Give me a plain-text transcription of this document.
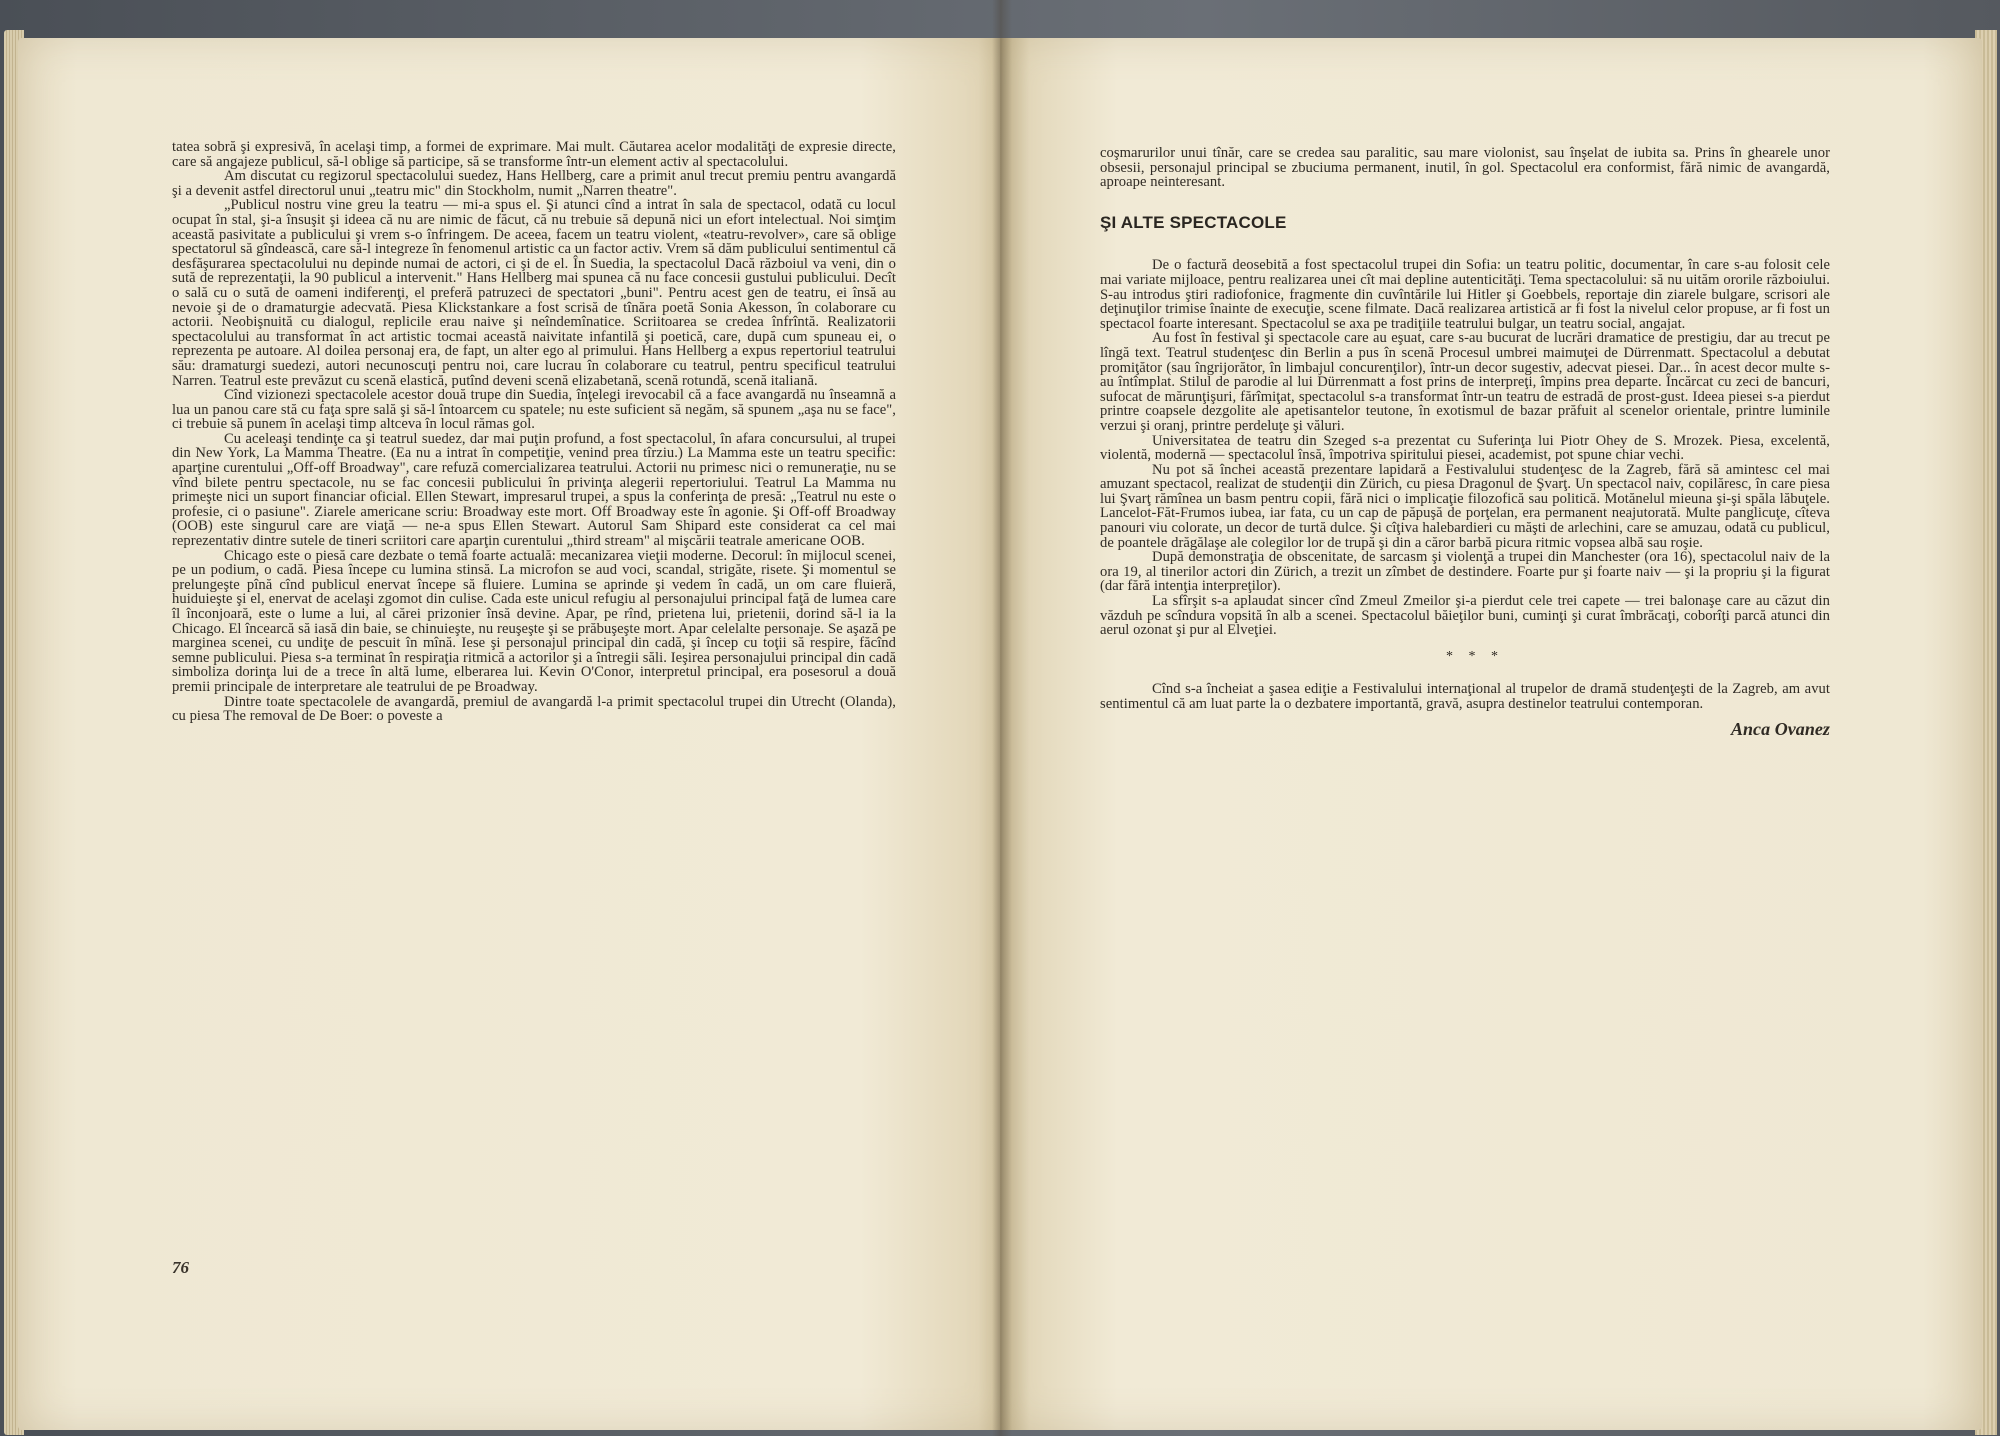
tatea sobră şi expresivă, în acelaşi timp, a formei de exprimare. Mai mult. Căutarea acelor modalităţi de expresie directe, care să angajeze publicul, să-l oblige să participe, să se transforme într-un element activ al spectacolului.

Am discutat cu regizorul spectacolului suedez, Hans Hellberg, care a primit anul trecut premiu pentru avangardă şi a devenit astfel directorul unui „teatru mic" din Stockholm, numit „Narren theatre".

„Publicul nostru vine greu la teatru — mi-a spus el. Şi atunci cînd a intrat în sala de spectacol, odată cu locul ocupat în stal, şi-a însuşit şi ideea că nu are nimic de făcut, că nu trebuie să depună nici un efort intelectual. Noi simţim această pasivitate a publicului şi vrem s-o înfringem. De aceea, facem un teatru violent, «teatru-revolver», care să oblige spectatorul să gîndească, care să-l integreze în fenomenul artistic ca un factor activ. Vrem să dăm publicului sentimentul că desfăşurarea spectacolului nu depinde numai de actori, ci şi de el. În Suedia, la spectacolul Dacă războiul va veni, din o sută de reprezentaţii, la 90 publicul a intervenit." Hans Hellberg mai spunea că nu face concesii gustului publicului. Decît o sală cu o sută de oameni indiferenţi, el preferă patruzeci de spectatori „buni". Pentru acest gen de teatru, ei însă au nevoie şi de o dramaturgie adecvată. Piesa Klickstankare a fost scrisă de tînăra poetă Sonia Akesson, în colaborare cu actorii. Neobişnuită cu dialogul, replicile erau naive şi neîndemînatice. Scriitoarea se credea înfrîntă. Realizatorii spectacolului au transformat în act artistic tocmai această naivitate infantilă şi poetică, care, după cum spuneau ei, o reprezenta pe autoare. Al doilea personaj era, de fapt, un alter ego al primului. Hans Hellberg a expus repertoriul teatrului său: dramaturgi suedezi, autori necunoscuţi pentru noi, care lucrau în colaborare cu teatrul, pentru specificul teatrului Narren. Teatrul este prevăzut cu scenă elastică, putînd deveni scenă elizabetană, scenă rotundă, scenă italiană.

Cînd vizionezi spectacolele acestor două trupe din Suedia, înţelegi irevocabil că a face avangardă nu înseamnă a lua un panou care stă cu faţa spre sală şi să-l întoarcem cu spatele; nu este suficient să negăm, să spunem „aşa nu se face", ci trebuie să punem în acelaşi timp altceva în locul rămas gol.

Cu aceleaşi tendinţe ca şi teatrul suedez, dar mai puţin profund, a fost spectacolul, în afara concursului, al trupei din New York, La Mamma Theatre. (Ea nu a intrat în competiţie, venind prea tîrziu.) La Mamma este un teatru specific: aparţine curentului „Off-off Broadway", care refuză comercializarea teatrului. Actorii nu primesc nici o remuneraţie, nu se vînd bilete pentru spectacole, nu se fac concesii publicului în privinţa alegerii repertoriului. Teatrul La Mamma nu primeşte nici un suport financiar oficial. Ellen Stewart, impresarul trupei, a spus la conferinţa de presă: „Teatrul nu este o profesie, ci o pasiune". Ziarele americane scriu: Broadway este mort. Off Broadway este în agonie. Şi Off-off Broadway (OOB) este singurul care are viaţă — ne-a spus Ellen Stewart. Autorul Sam Shipard este considerat ca cel mai reprezentativ dintre sutele de tineri scriitori care aparţin curentului „third stream" al mişcării teatrale americane OOB.

Chicago este o piesă care dezbate o temă foarte actuală: mecanizarea vieţii moderne. Decorul: în mijlocul scenei, pe un podium, o cadă. Piesa începe cu lumina stinsă. La microfon se aud voci, scandal, strigăte, risete. Şi momentul se prelungeşte pînă cînd publicul enervat începe să fluiere. Lumina se aprinde şi vedem în cadă, un om care fluieră, huiduieşte şi el, enervat de acelaşi zgomot din culise. Cada este unicul refugiu al personajului principal faţă de lumea care îl înconjoară, este o lume a lui, al cărei prizonier însă devine. Apar, pe rînd, prietena lui, prietenii, dorind să-l ia la Chicago. El încearcă să iasă din baie, se chinuieşte, nu reuşeşte şi se prăbuşeşte mort. Apar celelalte personaje. Se aşază pe marginea scenei, cu undiţe de pescuit în mînă. Iese şi personajul principal din cadă, şi încep cu toţii să respire, făcînd semne publicului. Piesa s-a terminat în respiraţia ritmică a actorilor şi a întregii săli. Ieşirea personajului principal din cadă simboliza dorinţa lui de a trece în altă lume, elberarea lui. Kevin O'Conor, interpretul principal, era posesorul a două premii principale de interpretare ale teatrului de pe Broadway.

Dintre toate spectacolele de avangardă, premiul de avangardă l-a primit spectacolul trupei din Utrecht (Olanda), cu piesa The removal de De Boer: o poveste a

76

coşmarurilor unui tînăr, care se credea sau paralitic, sau mare violonist, sau înşelat de iubita sa. Prins în ghearele unor obsesii, personajul principal se zbuciuma permanent, inutil, în gol. Spectacolul era conformist, fără nimic de avangardă, aproape neinteresant.

ŞI ALTE SPECTACOLE

De o factură deosebită a fost spectacolul trupei din Sofia: un teatru politic, documentar, în care s-au folosit cele mai variate mijloace, pentru realizarea unei cît mai depline autenticităţi. Tema spectacolului: să nu uităm ororile războiului. S-au introdus ştiri radiofonice, fragmente din cuvîntările lui Hitler şi Goebbels, reportaje din ziarele bulgare, scrisori ale deţinuţilor trimise înainte de execuţie, scene filmate. Dacă realizarea artistică ar fi fost la nivelul celor propuse, ar fi fost un spectacol foarte interesant. Spectacolul se axa pe tradiţiile teatrului bulgar, un teatru social, angajat.

Au fost în festival şi spectacole care au eşuat, care s-au bucurat de lucrări dramatice de prestigiu, dar au trecut pe lîngă text. Teatrul studenţesc din Berlin a pus în scenă Procesul umbrei maimuţei de Dürrenmatt. Spectacolul a debutat promiţător (sau îngrijorător, în limbajul concurenţilor), într-un decor sugestiv, adecvat piesei. Dar... în acest decor multe s-au întîmplat. Stilul de parodie al lui Dürrenmatt a fost prins de interpreţi, împins prea departe. Încărcat cu zeci de bancuri, sufocat de mărunţişuri, fărîmiţat, spectacolul s-a transformat într-un teatru de estradă de prost-gust. Ideea piesei s-a pierdut printre coapsele dezgolite ale apetisantelor teutone, în exotismul de bazar prăfuit al scenelor orientale, printre luminile verzui şi oranj, printre perdeluţe şi văluri.

Universitatea de teatru din Szeged s-a prezentat cu Suferinţa lui Piotr Ohey de S. Mrozek. Piesa, excelentă, violentă, modernă — spectacolul însă, împotriva spiritului piesei, academist, pot spune chiar vechi.

Nu pot să închei această prezentare lapidară a Festivalului studenţesc de la Zagreb, fără să amintesc cel mai amuzant spectacol, realizat de studenţii din Zürich, cu piesa Dragonul de Şvarţ. Un spectacol naiv, copilăresc, în care piesa lui Şvarţ rămînea un basm pentru copii, fără nici o implicaţie filozofică sau politică. Motănelul mieuna şi-şi spăla lăbuţele. Lancelot-Făt-Frumos iubea, iar fata, cu un cap de păpuşă de porţelan, era permanent neajutorată. Multe panglicuţe, cîteva panouri viu colorate, un decor de turtă dulce. Şi cîţiva halebardieri cu măşti de arlechini, care se amuzau, odată cu publicul, de poantele drăgălaşe ale colegilor lor de trupă şi din a căror barbă picura ritmic vopsea albă sau roşie.

După demonstraţia de obscenitate, de sarcasm şi violenţă a trupei din Manchester (ora 16), spectacolul naiv de la ora 19, al tinerilor actori din Zürich, a trezit un zîmbet de destindere. Foarte pur şi foarte naiv — şi la propriu şi la figurat (dar fără intenţia interpreţilor).

La sfîrşit s-a aplaudat sincer cînd Zmeul Zmeilor şi-a pierdut cele trei capete — trei balonaşe care au căzut din văzduh pe scîndura vopsită în alb a scenei. Spectacolul băieţilor buni, cuminţi şi curat îmbrăcaţi, coborîţi parcă atunci din aerul ozonat şi pur al Elveţiei.

* * *

Cînd s-a încheiat a şasea ediţie a Festivalului internaţional al trupelor de dramă studenţeşti de la Zagreb, am avut sentimentul că am luat parte la o dezbatere importantă, gravă, asupra destinelor teatrului contemporan.

Anca Ovanez
